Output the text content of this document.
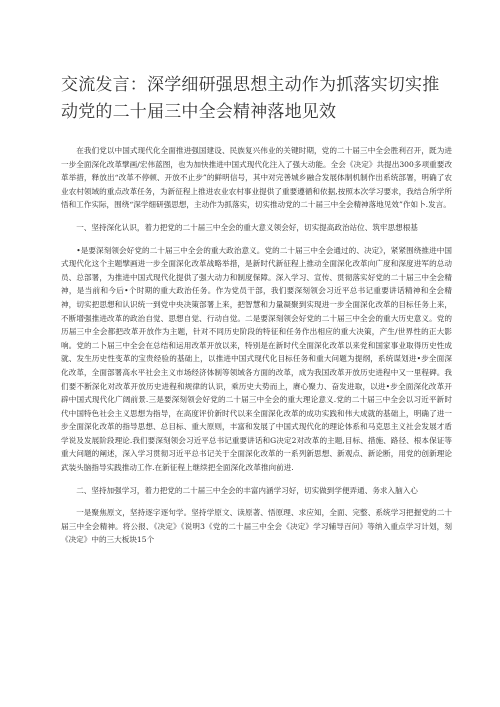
交流发言：深学细研强思想主动作为抓落实切实推动党的二十届三中全会精神落地见效

在我们党以中国式现代化全面推进强国建设、民族复兴伟业的关键时期，党的二十届三中全会胜利召开，既为进一步全面深化改革擘画/宏伟蓝图，也为加快推进中国式现代化注入了强大动能。全会《决定》共提出300多项重要改革举措，释放出“改革不停顿、开放不止步”的鲜明信号，其中对完善城乡融合发展体制机制作出系统部署，明确了农业农村领域的重点改革任务，为新征程上推进农业农村事业提供了重要遵循和依据,按照本次学习要求，我结合所学所悟和工作实际，围绕“深学细研强思想，主动作为抓落实，切实推动党的二十届三中全会精神落地见效”作如卜.发言。

一、坚持深化认识，着力把党的二十届三中全会的重大意义领会好，切实提高政治站位、筑牢思想根基

•是要深刻领会好党的二十届三中全会的重大政治意义。党的二十届三中全会通过的、决定》，紧紧围绕推进中国式现代化这个主题擘画进一步全面深化改革战略举措，是新时代新征程上推动全面深化改革向广度和深度进军的总动员、总部署，为推进中国式现代化提供了强大动力和制度保障。深入学习、宣传、贯彻落实好党的二十届三中全会精神，是当前和今后•个时期的重大政治任务。作为党员干部，我们要深刻领会习近平总书记重要讲话精神和全会精神，切实把思想和认识统一到党中央决策部署上来，把智慧和力量凝聚到实现进一步全面深化改革的目标任务上来，不断增强推进改革的政治自觉、思想自觉、行动自觉。二是要深刻领会好党的二十届三中全会的重大历史意义。党的历届三中全会都把改革开放作为主题，针对不同历史阶段的特征和任务作出相应的重大决策，产生/世界性的正大影响。党的二卜届三中全会在总结和运用改革开放以来，特别是在新时代全面深化改革以来党和国家事业取得历史性成就、发生历史性变革的宝贵经验的基础上，以推进中国式现代化目标任务和重大问题为提纲，系统谋划进•步全面深化改革，全面部署高水平社会主义市场经济体制等领域各方面的改革，成为我国改革开放历史进程中又一里程碑。我们要不断深化对改革开放历史进程和规律的认识，乘历史大势而上，赓心聚力、奋发进取，以进•步全面深化改革开辟中国式现代化广阔前景.三是要深刻领会好党的二十届三中全会的重大理论意义.党的二十届三中全会以习近平新时代中国特色社会主义思想为指导，在高度评价新时代以来全面深化改革的成功实践和伟大成就的基础上，明确了进一步全面深化改革的指导思想、总目标、重大原则，丰富和发展了中国式现代化的理论体系和马克思主义社会发展才盾学说及发展阶段理论.我们要深刻领会习近平总书记重要讲话和G决定2对改革的主题,目标、措施、路径、根本保证等重大问题的阐述，深入学习贯彻习近平总书记关于全面深化改革的一系列新思想、新观点、新论断，用党的创新理论武装头脑指导实践推动工作.在新征程上继续把全面深化改革推向前进.

二、坚持加强学习，着力把党的二十届三中全会的丰富内涵学习好，切实做到学便弄通、务求入脑入心

一是聚焦原文，坚持逐字逐句学。坚持学原文、读原著、悟原理、求应知，全面、完整、系统学习把握党的二十届三中全会精神。将公报、《决定》《说明3《党的二十届三中全会《决定》学习辅导百问》等纳入重点学习计划，刻《决定》中的三大板块15个
